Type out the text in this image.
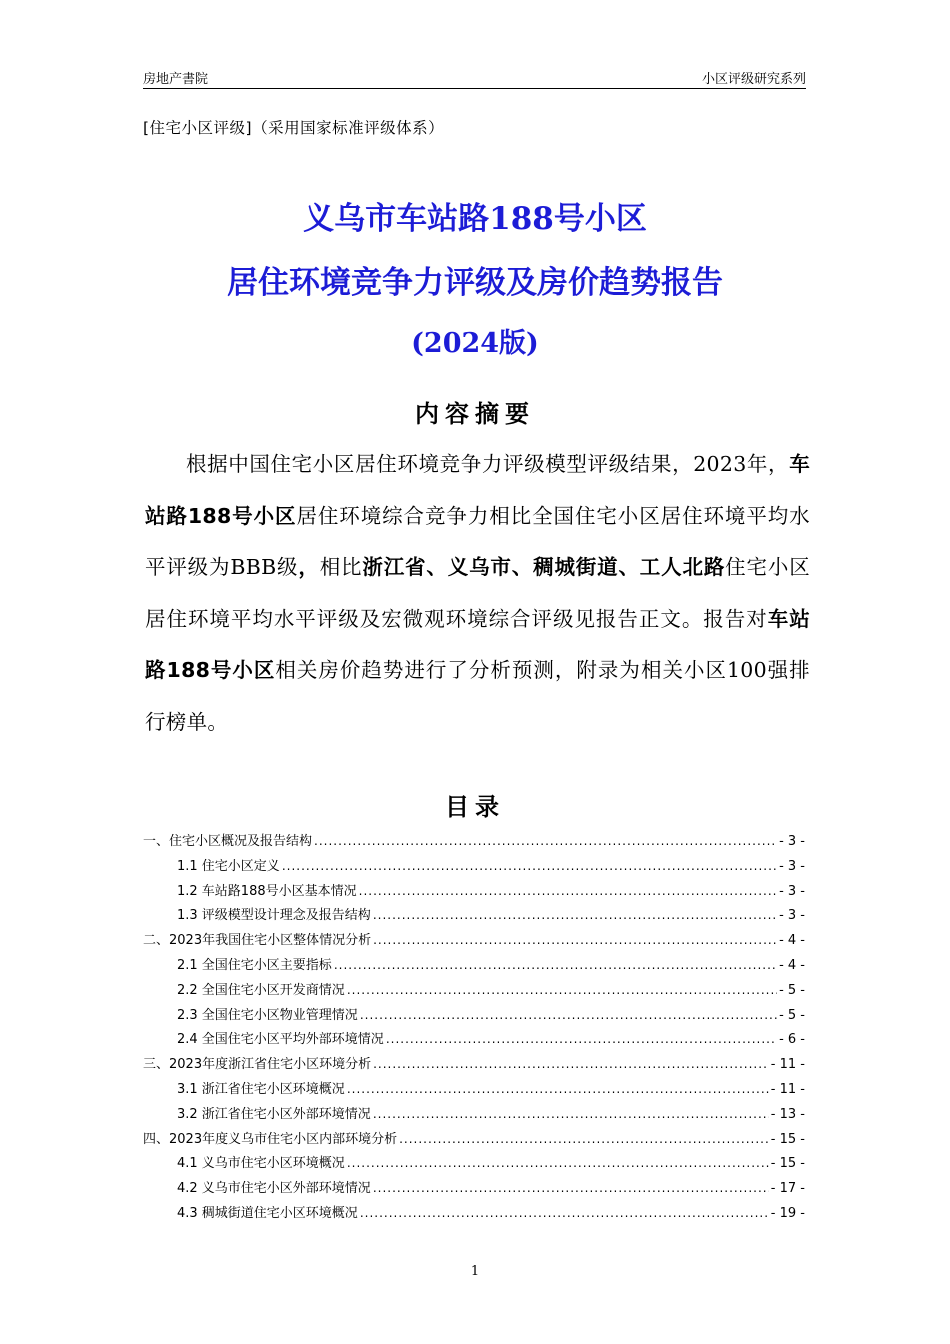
房地产書院	小区评级研究系列
[住宅小区评级]（采用国家标准评级体系）
义乌市车站路188号小区
居住环境竞争力评级及房价趋势报告
(2024版)
内容摘要

根据中国住宅小区居住环境竞争力评级模型评级结果，2023年，车站路188号小区居住环境综合竞争力相比全国住宅小区居住环境平均水平评级为BBB级，相比浙江省、义乌市、稠城街道、工人北路住宅小区居住环境平均水平评级及宏微观环境综合评级见报告正文。报告对车站路188号小区相关房价趋势进行了分析预测，附录为相关小区100强排行榜单。

目录
一、住宅小区概况及报告结构 .....	- 3 -
1.1 住宅小区定义 .....	- 3 -
1.2 车站路188号小区基本情况 .....	- 3 -
1.3 评级模型设计理念及报告结构 .....	- 3 -
二、2023年我国住宅小区整体情况分析 .....	- 4 -
2.1 全国住宅小区主要指标 .....	- 4 -
2.2 全国住宅小区开发商情况 .....	- 5 -
2.3 全国住宅小区物业管理情况 .....	- 5 -
2.4 全国住宅小区平均外部环境情况 .....	- 6 -
三、2023年度浙江省住宅小区环境分析 .....	- 11 -
3.1 浙江省住宅小区环境概况 .....	- 11 -
3.2 浙江省住宅小区外部环境情况 .....	- 13 -
四、2023年度义乌市住宅小区内部环境分析 .....	- 15 -
4.1 义乌市住宅小区环境概况 .....	- 15 -
4.2 义乌市住宅小区外部环境情况 .....	- 17 -
4.3 稠城街道住宅小区环境概况 .....	- 19 -
1
